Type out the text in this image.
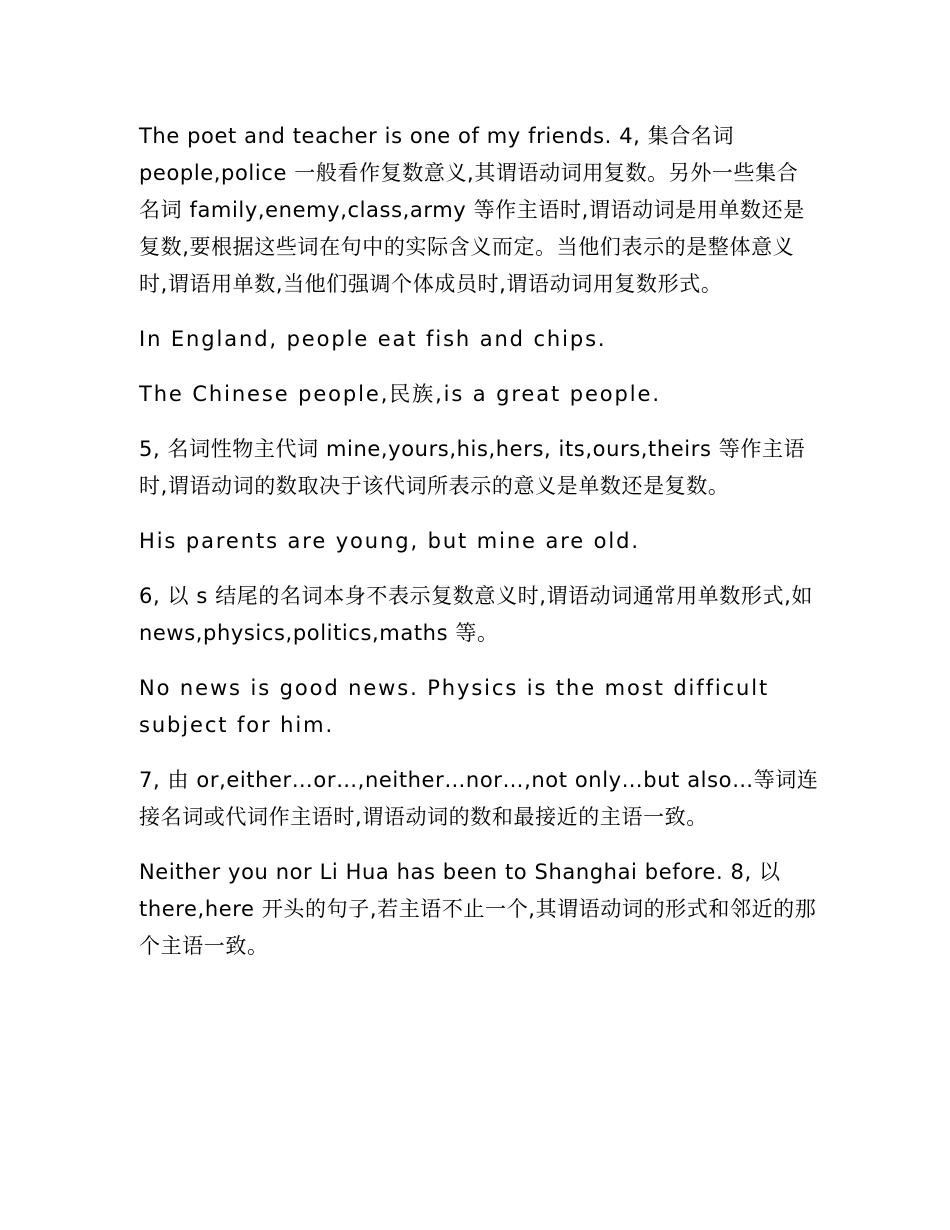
The poet and teacher is one of my friends. 4, 集合名词 people,police 一般看作复数意义,其谓语动词用复数。另外一些集合名词 family,enemy,class,army 等作主语时,谓语动词是用单数还是复数,要根据这些词在句中的实际含义而定。当他们表示的是整体意义时,谓语用单数,当他们强调个体成员时,谓语动词用复数形式。

In England, people eat fish and chips.

The Chinese people,民族,is a great people.

5, 名词性物主代词 mine,yours,his,hers, its,ours,theirs 等作主语时,谓语动词的数取决于该代词所表示的意义是单数还是复数。

His parents are young, but mine are old.

6, 以 s 结尾的名词本身不表示复数意义时,谓语动词通常用单数形式,如 news,physics,politics,maths 等。

No news is good news. Physics is the most difficult subject for him.

7, 由 or,either…or…,neither…nor…,not only…but also…等词连接名词或代词作主语时,谓语动词的数和最接近的主语一致。

Neither you nor Li Hua has been to Shanghai before. 8, 以 there,here 开头的句子,若主语不止一个,其谓语动词的形式和邻近的那个主语一致。
